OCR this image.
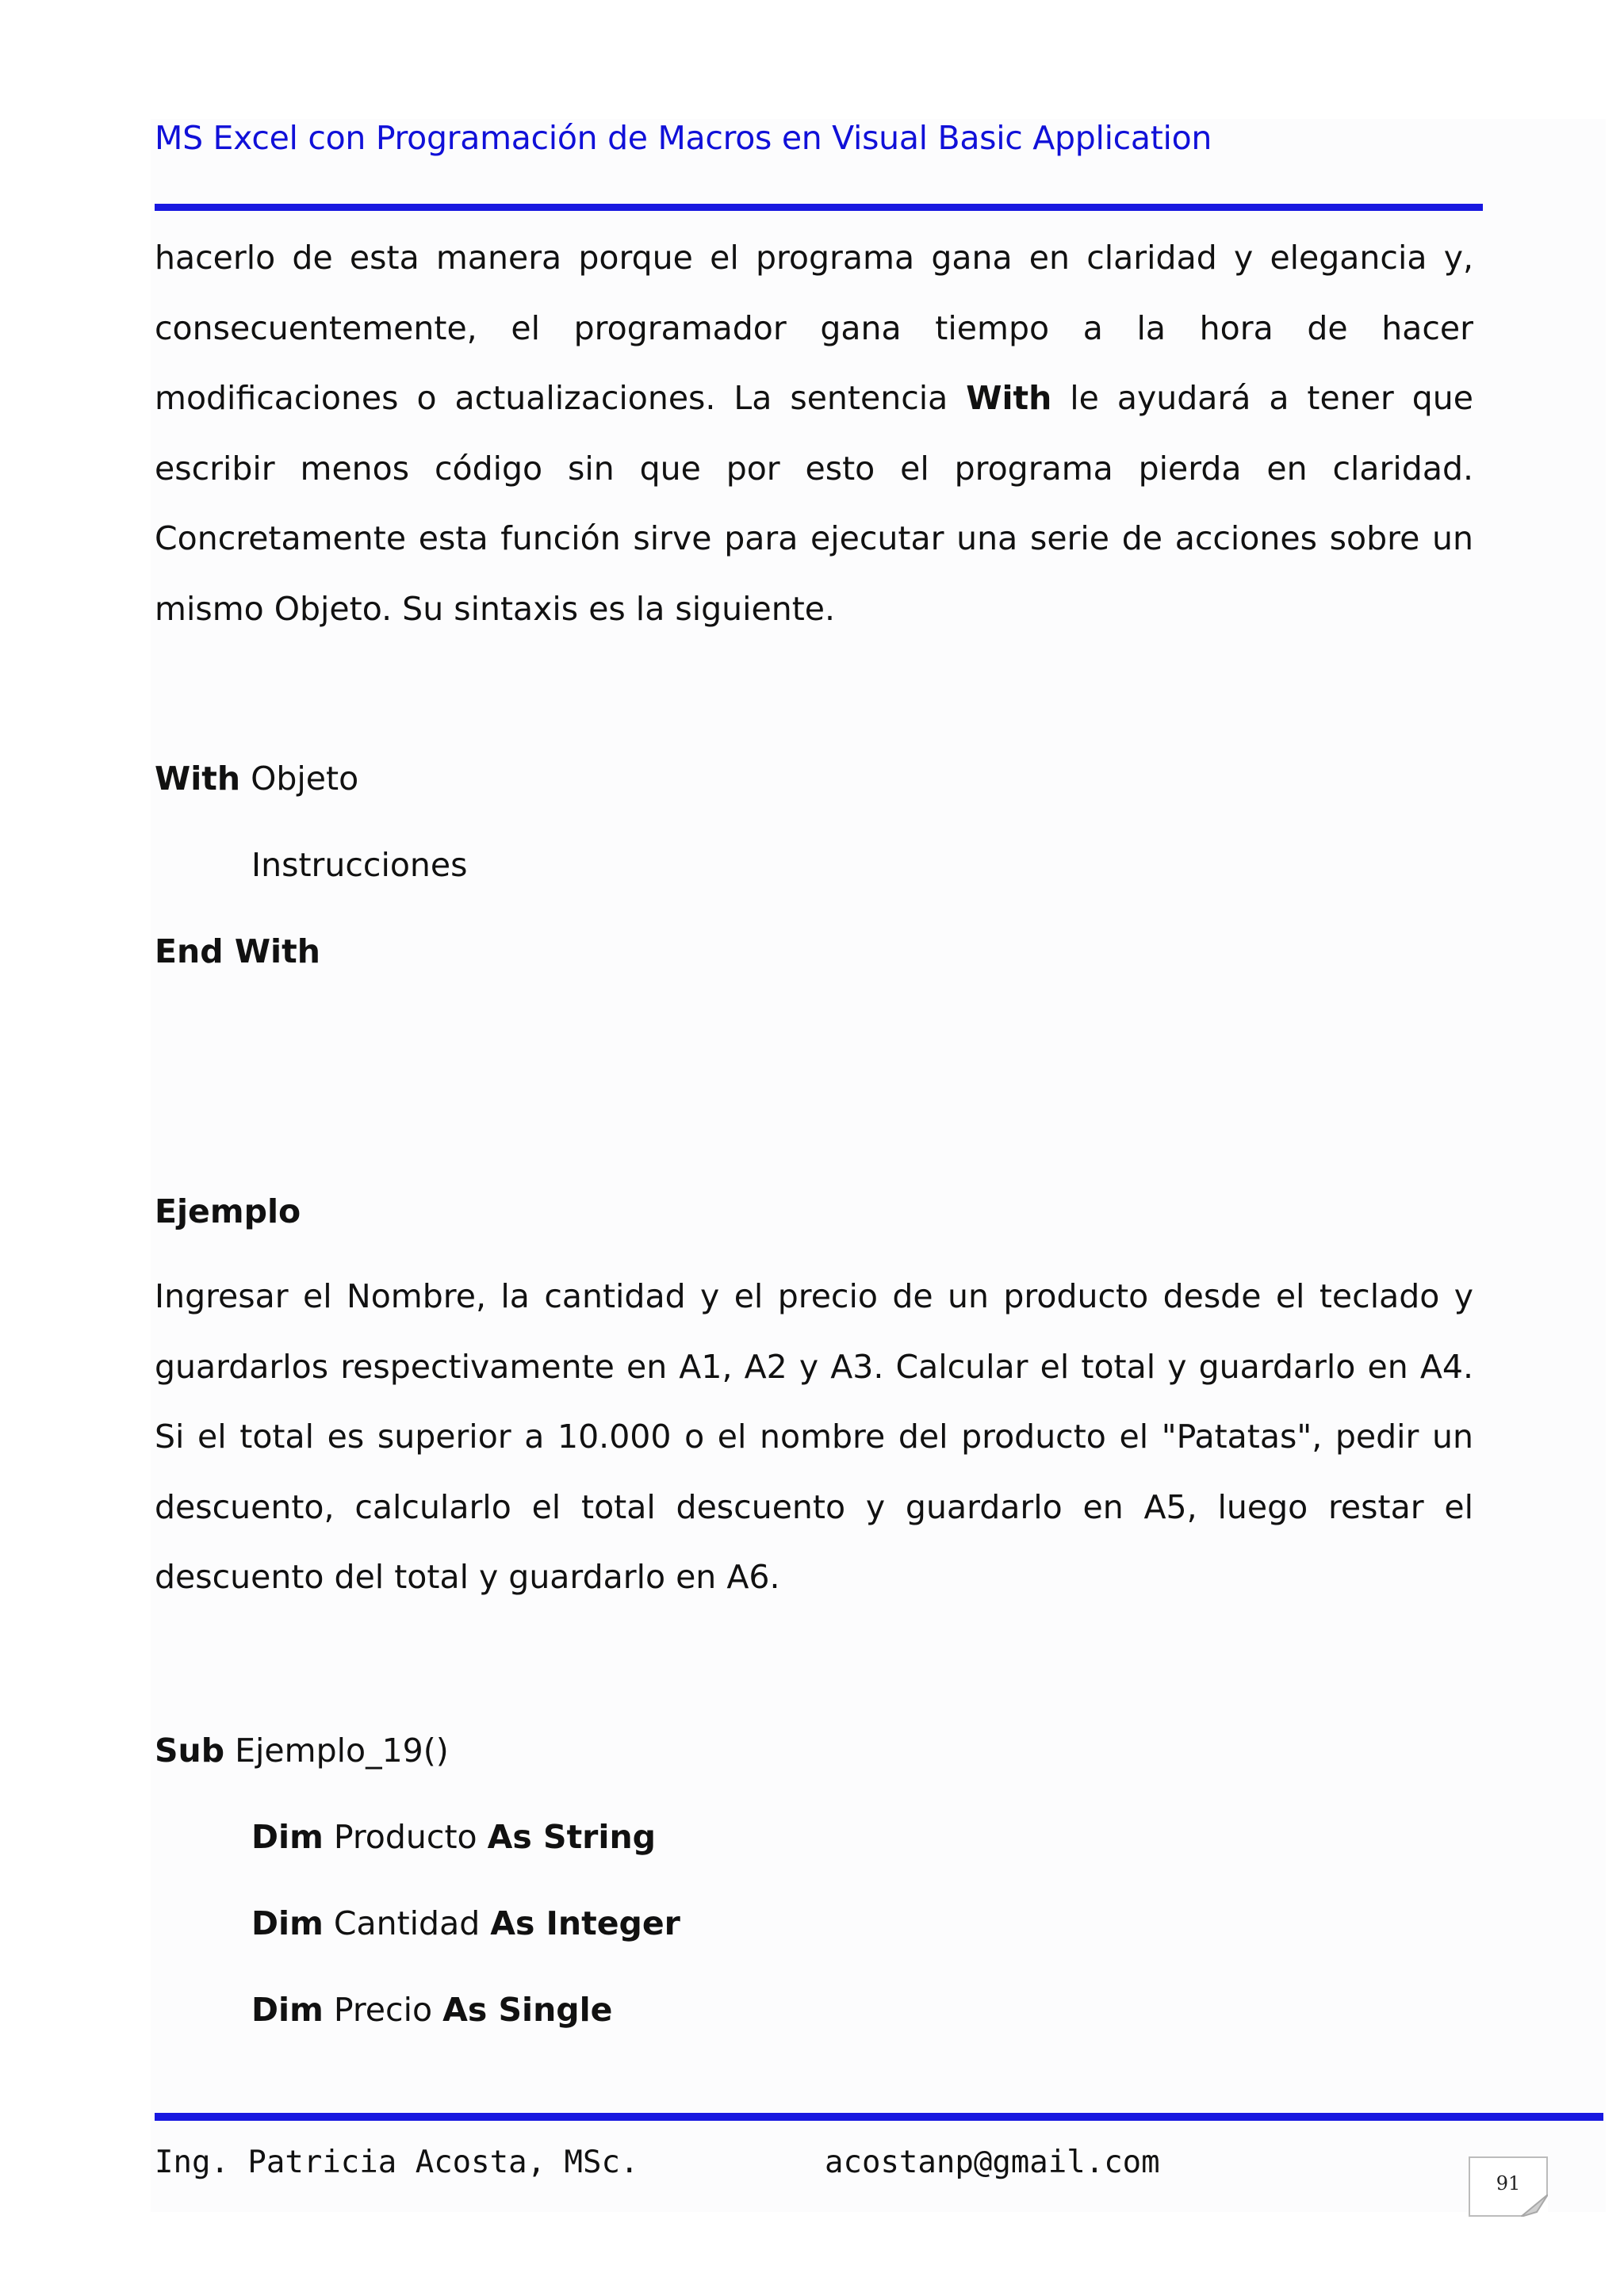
MS Excel con Programación de Macros en Visual Basic Application

hacerlo de esta manera porque el programa gana en claridad y elegancia y, consecuentemente, el programador gana tiempo a la hora de hacer modificaciones o actualizaciones. La sentencia With le ayudará a tener que escribir menos código sin que por esto el programa pierda en claridad. Concretamente esta función sirve para ejecutar una serie de acciones sobre un mismo Objeto. Su sintaxis es la siguiente.

With Objeto
Instrucciones
End With
Ejemplo

Ingresar el Nombre, la cantidad y el precio de un producto desde el teclado y guardarlos respectivamente en A1, A2 y A3. Calcular el total y guardarlo en A4. Si el total es superior a 10.000 o el nombre del producto el "Patatas", pedir un descuento, calcularlo el total descuento y guardarlo en A5, luego restar el descuento del total y guardarlo en A6.

Sub Ejemplo_19()
Dim Producto As String
Dim Cantidad As Integer
Dim Precio As Single
Ing. Patricia Acosta, MSc.	acostanp@gmail.com
91
